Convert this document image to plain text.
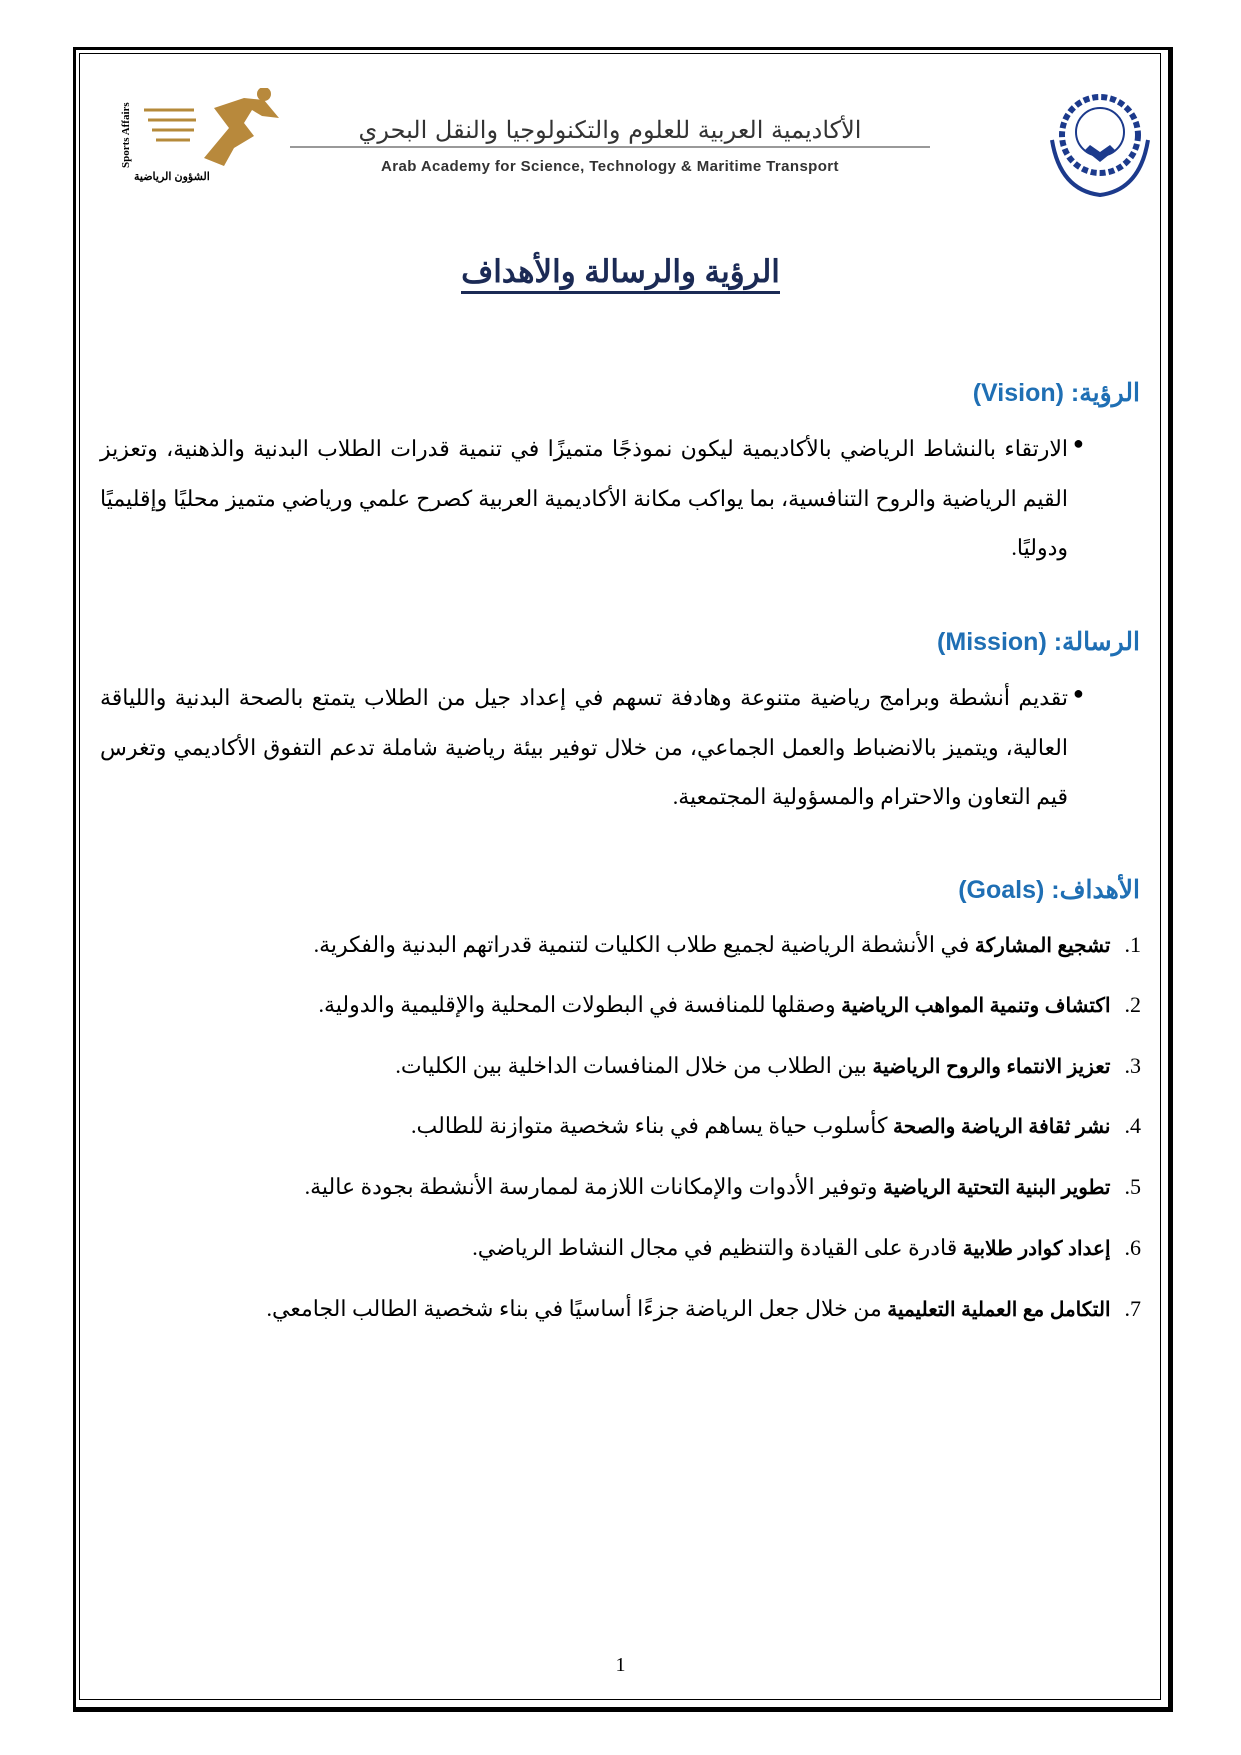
Sports Affairs
الشؤون الرياضية
الأكاديمية العربية للعلوم والتكنولوجيا والنقل البحري
Arab Academy for Science, Technology & Maritime Transport
الرؤية والرسالة والأهداف
الرؤية: (Vision)
●
الارتقاء بالنشاط الرياضي بالأكاديمية ليكون نموذجًا متميزًا في تنمية قدرات الطلاب البدنية والذهنية، وتعزيز القيم الرياضية والروح التنافسية، بما يواكب مكانة الأكاديمية العربية كصرح علمي ورياضي متميز محليًا وإقليميًا ودوليًا.
الرسالة: (Mission)
●
تقديم أنشطة وبرامج رياضية متنوعة وهادفة تسهم في إعداد جيل من الطلاب يتمتع بالصحة البدنية واللياقة العالية، ويتميز بالانضباط والعمل الجماعي، من خلال توفير بيئة رياضية شاملة تدعم التفوق الأكاديمي وتغرس قيم التعاون والاحترام والمسؤولية المجتمعية.
الأهداف: (Goals)
1.تشجيع المشاركة في الأنشطة الرياضية لجميع طلاب الكليات لتنمية قدراتهم البدنية والفكرية.
2.اكتشاف وتنمية المواهب الرياضية وصقلها للمنافسة في البطولات المحلية والإقليمية والدولية.
3.تعزيز الانتماء والروح الرياضية بين الطلاب من خلال المنافسات الداخلية بين الكليات.
4.نشر ثقافة الرياضة والصحة كأسلوب حياة يساهم في بناء شخصية متوازنة للطالب.
5.تطوير البنية التحتية الرياضية وتوفير الأدوات والإمكانات اللازمة لممارسة الأنشطة بجودة عالية.
6.إعداد كوادر طلابية قادرة على القيادة والتنظيم في مجال النشاط الرياضي.
7.التكامل مع العملية التعليمية من خلال جعل الرياضة جزءًا أساسيًا في بناء شخصية الطالب الجامعي.
1
